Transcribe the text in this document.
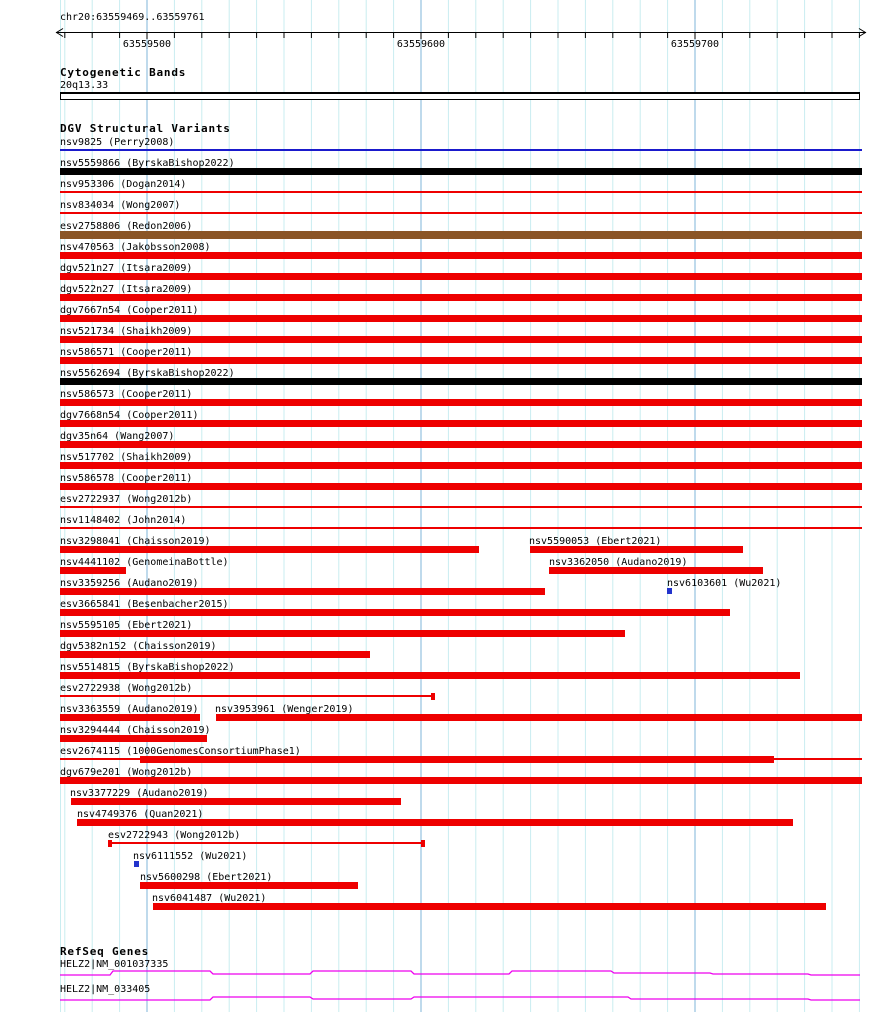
chr20:63559469..63559761
63559500	63559600	63559700
Cytogenetic Bands
20q13.33
DGV Structural Variants
nsv9825 (Perry2008)
nsv5559866 (ByrskaBishop2022)
nsv953306 (Dogan2014)
nsv834034 (Wong2007)
esv2758806 (Redon2006)
nsv470563 (Jakobsson2008)
dgv521n27 (Itsara2009)
dgv522n27 (Itsara2009)
dgv7667n54 (Cooper2011)
nsv521734 (Shaikh2009)
nsv586571 (Cooper2011)
nsv5562694 (ByrskaBishop2022)
nsv586573 (Cooper2011)
dgv7668n54 (Cooper2011)
dgv35n64 (Wang2007)
nsv517702 (Shaikh2009)
nsv586578 (Cooper2011)
esv2722937 (Wong2012b)
nsv1148402 (John2014)
nsv3298041 (Chaisson2019)	nsv5590053 (Ebert2021)
nsv4441102 (GenomeinaBottle)	nsv3362050 (Audano2019)
nsv3359256 (Audano2019)	nsv6103601 (Wu2021)
esv3665841 (Besenbacher2015)
nsv5595105 (Ebert2021)
dgv5382n152 (Chaisson2019)
nsv5514815 (ByrskaBishop2022)
esv2722938 (Wong2012b)
nsv3363559 (Audano2019) nsv3953961 (Wenger2019)
nsv3294444 (Chaisson2019)
esv2674115 (1000GenomesConsortiumPhase1)
dgv679e201 (Wong2012b)
nsv3377229 (Audano2019)
nsv4749376 (Quan2021)
esv2722943 (Wong2012b)
nsv6111552 (Wu2021)
nsv5600298 (Ebert2021)
nsv6041487 (Wu2021)
RefSeq Genes
HELZ2|NM_001037335
HELZ2|NM_033405
